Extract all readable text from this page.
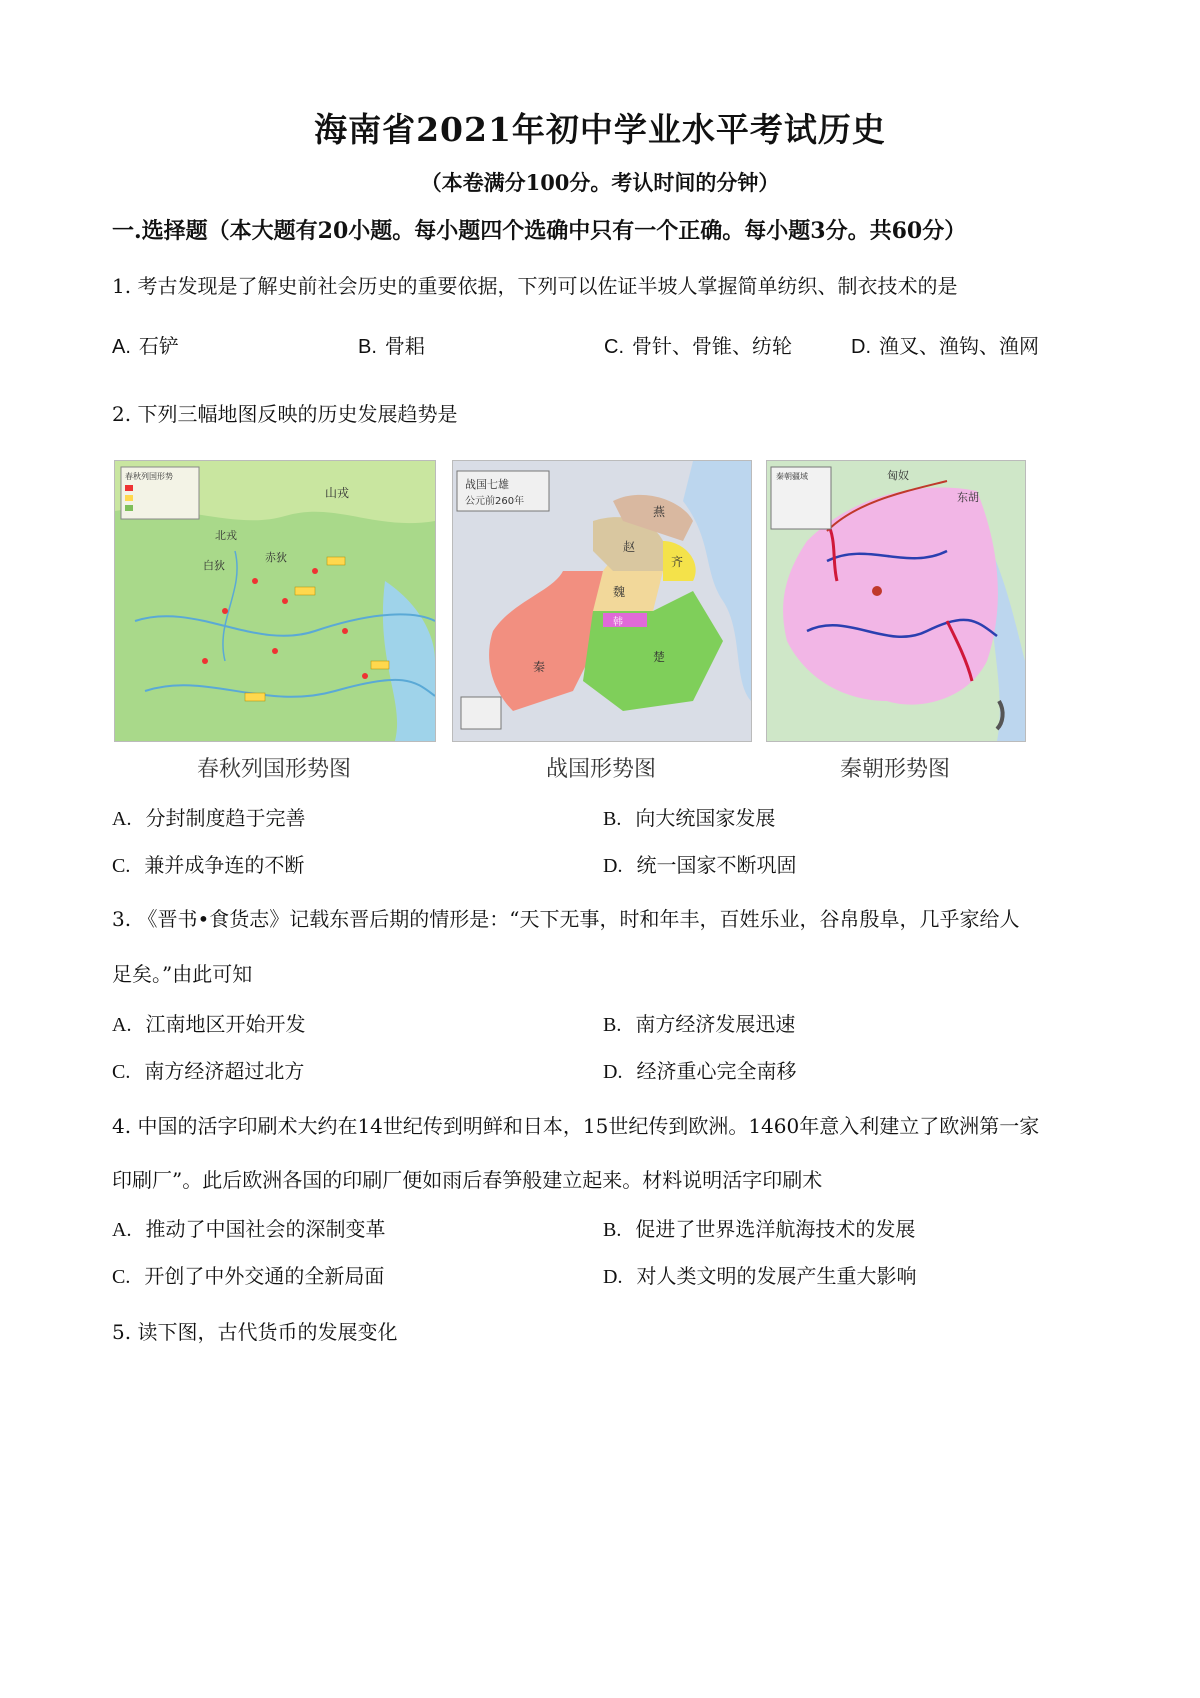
海南省2021年初中学业水平考试历史
（本卷满分100分。考认时间的分钟）
一.选择题（本大题有20小题。每小题四个选确中只有一个正确。每小题3分。共60分）
1. 考古发现是了解史前社会历史的重要依据，下列可以佐证半坡人掌握简单纺织、制衣技术的是
A. 石铲	B. 骨耜	C. 骨针、骨锥、纺轮	D. 渔叉、渔钩、渔网
2. 下列三幅地图反映的历史发展趋势是
春秋列国形势
山戎
北戎
白狄
赤狄
战国七雄
公元前260年
燕
赵
齐
魏
韩
秦
楚
秦朝疆域	匈奴
东胡
春秋列国形势图	战国形势图	秦朝形势图
A. 分封制度趋于完善	B. 向大统国家发展
C. 兼并成争连的不断	D. 统一国家不断巩固
3. 《晋书•食货志》记载东晋后期的情形是：“天下无事，时和年丰，百姓乐业，谷帛殷阜，几乎家给人
足矣。”由此可知
A. 江南地区开始开发	B. 南方经济发展迅速
C. 南方经济超过北方	D. 经济重心完全南移
4. 中国的活字印刷术大约在14世纪传到明鲜和日本，15世纪传到欧洲。1460年意入利建立了欧洲第一家
印刷厂”。此后欧洲各国的印刷厂便如雨后春笋般建立起来。材料说明活字印刷术
A. 推动了中国社会的深制变革	B. 促进了世界选洋航海技术的发展
C. 开创了中外交通的全新局面	D. 对人类文明的发展产生重大影响
5. 读下图，古代货币的发展变化
